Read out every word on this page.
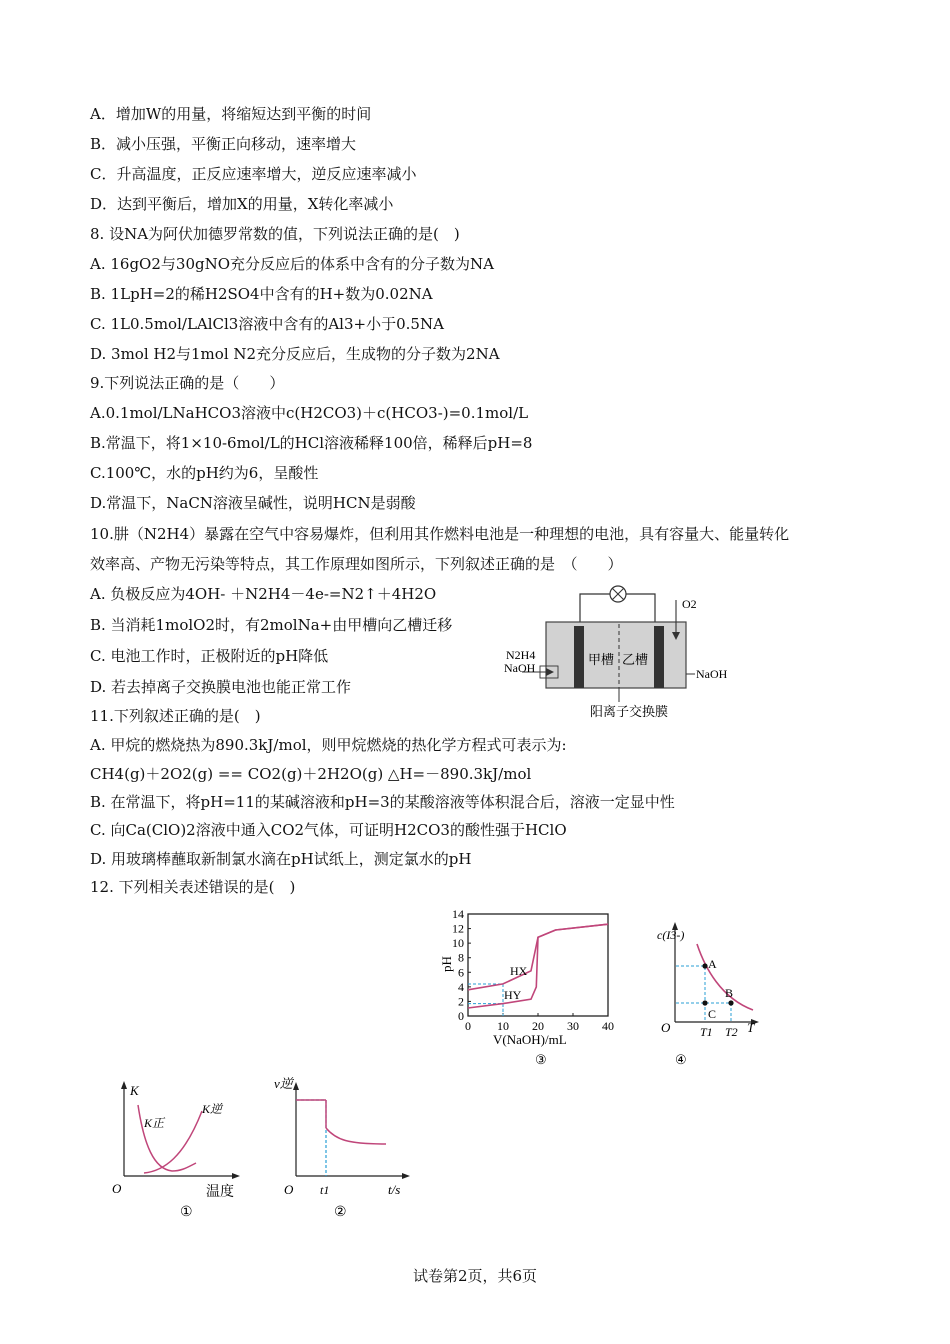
A．增加W的用量，将缩短达到平衡的时间
B．减小压强，平衡正向移动，速率增大
C．升高温度，正反应速率增大，逆反应速率减小
D．达到平衡后，增加X的用量，X转化率减小
8. 设NA为阿伏加德罗常数的值，下列说法正确的是(　)
A. 16gO2与30gNO充分反应后的体系中含有的分子数为NA
B. 1LpH=2的稀H2SO4中含有的H+数为0.02NA
C. 1L0.5mol/LAlCl3溶液中含有的Al3+小于0.5NA
D. 3mol H2与1mol N2充分反应后，生成物的分子数为2NA
9.下列说法正确的是（　　）
A.0.1mol/LNaHCO3溶液中c(H2CO3)＋c(HCO3-)=0.1mol/L
B.常温下，将1×10-6mol/L的HCl溶液稀释100倍，稀释后pH=8
C.100℃，水的pH约为6，呈酸性
D.常温下，NaCN溶液呈碱性，说明HCN是弱酸
10.肼（N2H4）暴露在空气中容易爆炸，但利用其作燃料电池是一种理想的电池，具有容量大、能量转化
效率高、产物无污染等特点，其工作原理如图所示，下列叙述正确的是　（　　）
A. 负极反应为4OH- ＋N2H4－4e-=N2↑＋4H2O
B. 当消耗1molO2时，有2molNa+由甲槽向乙槽迁移
C. 电池工作时，正极附近的pH降低
D. 若去掉离子交换膜电池也能正常工作
O2
N2H4
NaOH
甲槽 乙槽
NaOH
阳离子交换膜
11.下列叙述正确的是(　)
A. 甲烷的燃烧热为890.3kJ/mol，则甲烷燃烧的热化学方程式可表示为:
CH4(g)＋2O2(g) == CO2(g)＋2H2O(g) △H=－890.3kJ/mol
B. 在常温下，将pH=11的某碱溶液和pH=3的某酸溶液等体积混合后，溶液一定显中性
C. 向Ca(ClO)2溶液中通入CO2气体，可证明H2CO3的酸性强于HClO
D. 用玻璃棒蘸取新制氯水滴在pH试纸上，测定氯水的pH
12. 下列相关表述错误的是(　)
0
2
4
6
8
10
12
14
0 10 20 30 40
pH
V(NaOH)/mL
③
HX
HY
c(I3-)
A
B
C
O T1 T2 T
④
K
K逆
K正
O	温度
①
v逆
t1
O	t/s
②
试卷第2页，共6页
